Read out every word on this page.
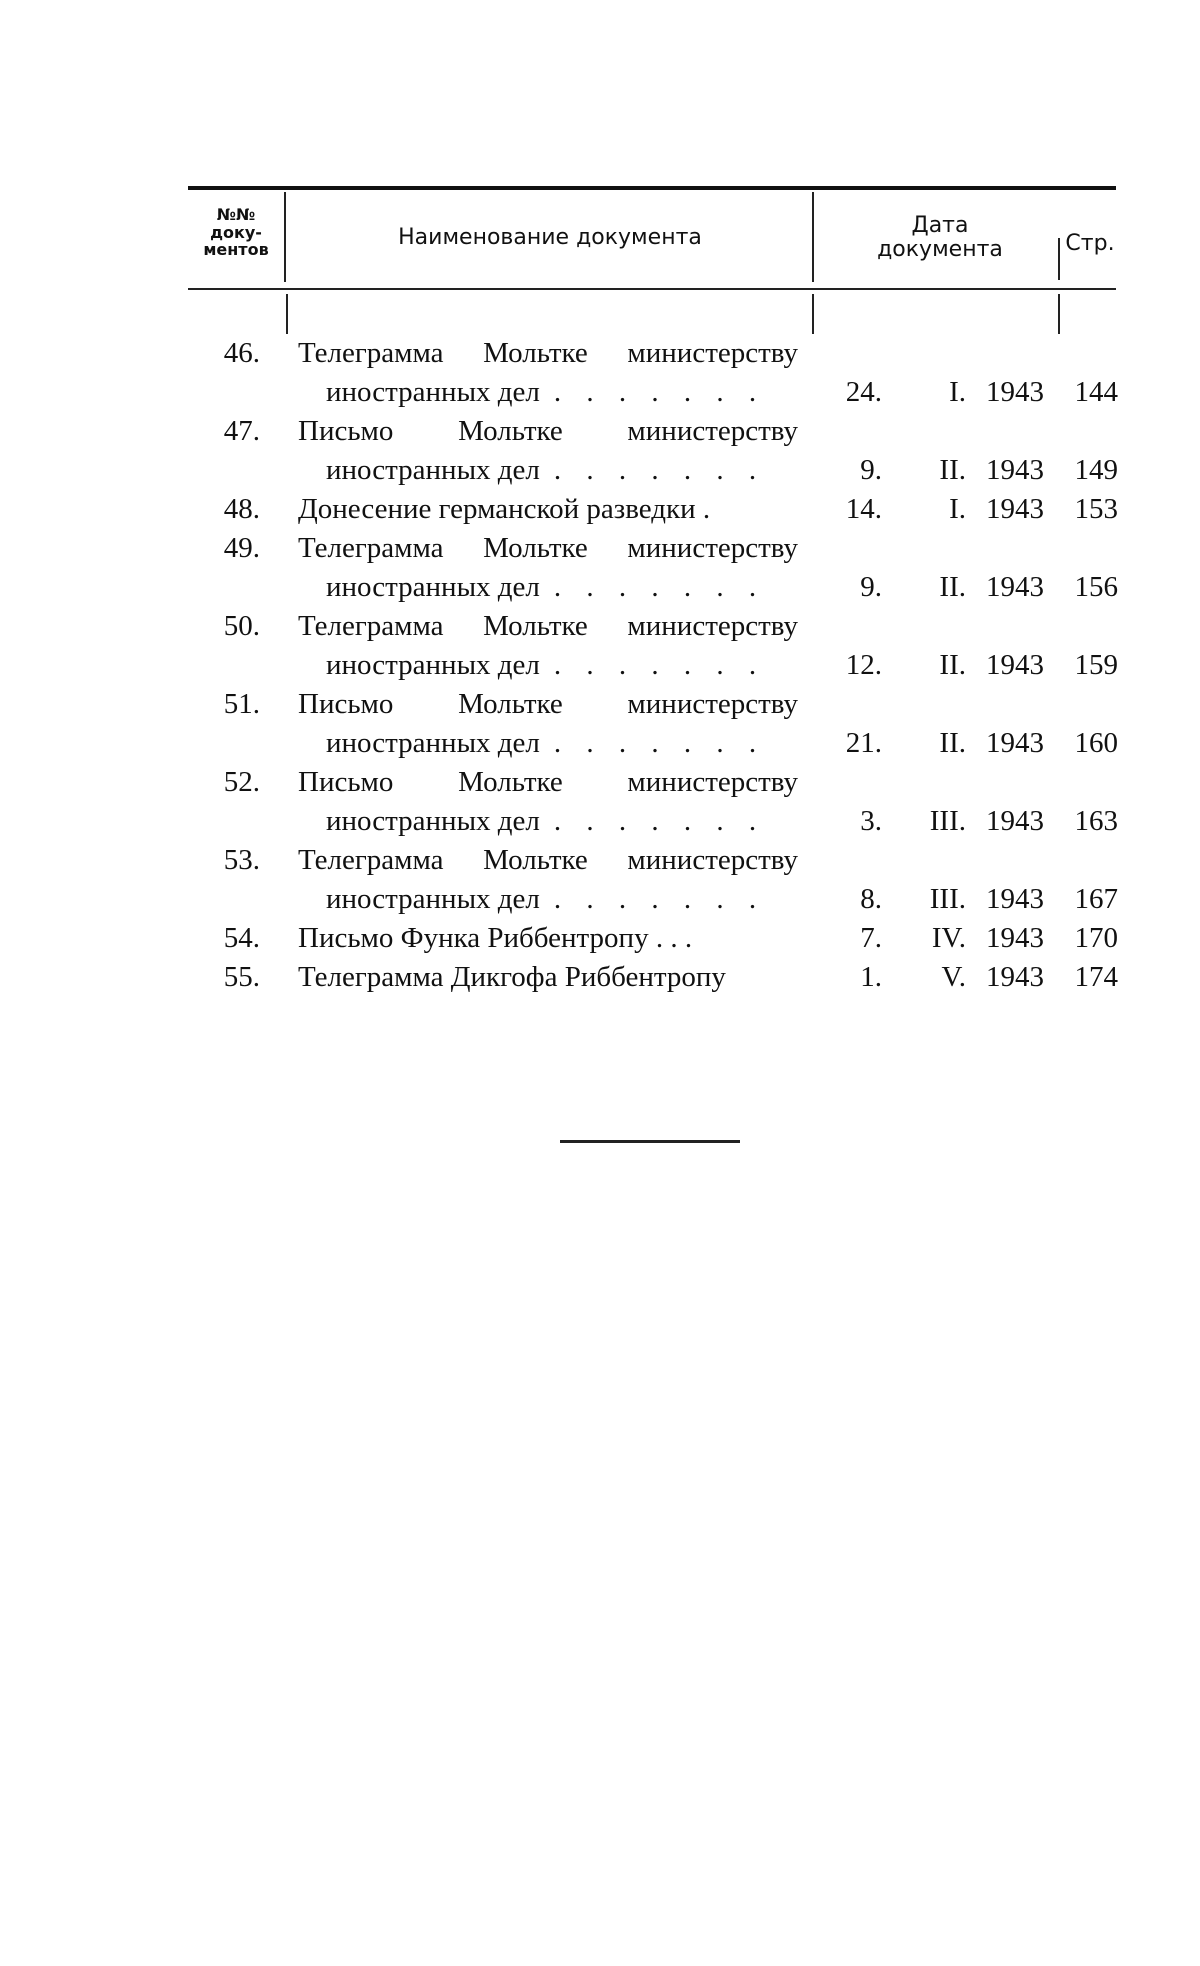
№№
доку-
ментов	Наименование документа	Дата
документа	Стр.
46. Телеграмма Мольтке министерству
иностранных дел . . . . . . .	24.	I. 1943	144
47. Письмо Мольтке министерству
иностранных дел . . . . . . .	9.	II. 1943	149
48. Донесение германской разведки .	14.	I. 1943	153
49. Телеграмма Мольтке министерству
иностранных дел . . . . . . .	9.	II. 1943	156
50. Телеграмма Мольтке министерству
иностранных дел . . . . . . .	12.	II. 1943	159
51. Письмо Мольтке министерству
иностранных дел . . . . . . .	21.	II. 1943	160
52. Письмо Мольтке министерству
иностранных дел . . . . . . .	3.	III. 1943	163
53. Телеграмма Мольтке министерству
иностранных дел . . . . . . .	8.	III. 1943	167
54. Письмо Функа Риббентропу . . .	7.	IV. 1943	170
55. Телеграмма Дикгофа Риббентропу	1.	V. 1943	174
